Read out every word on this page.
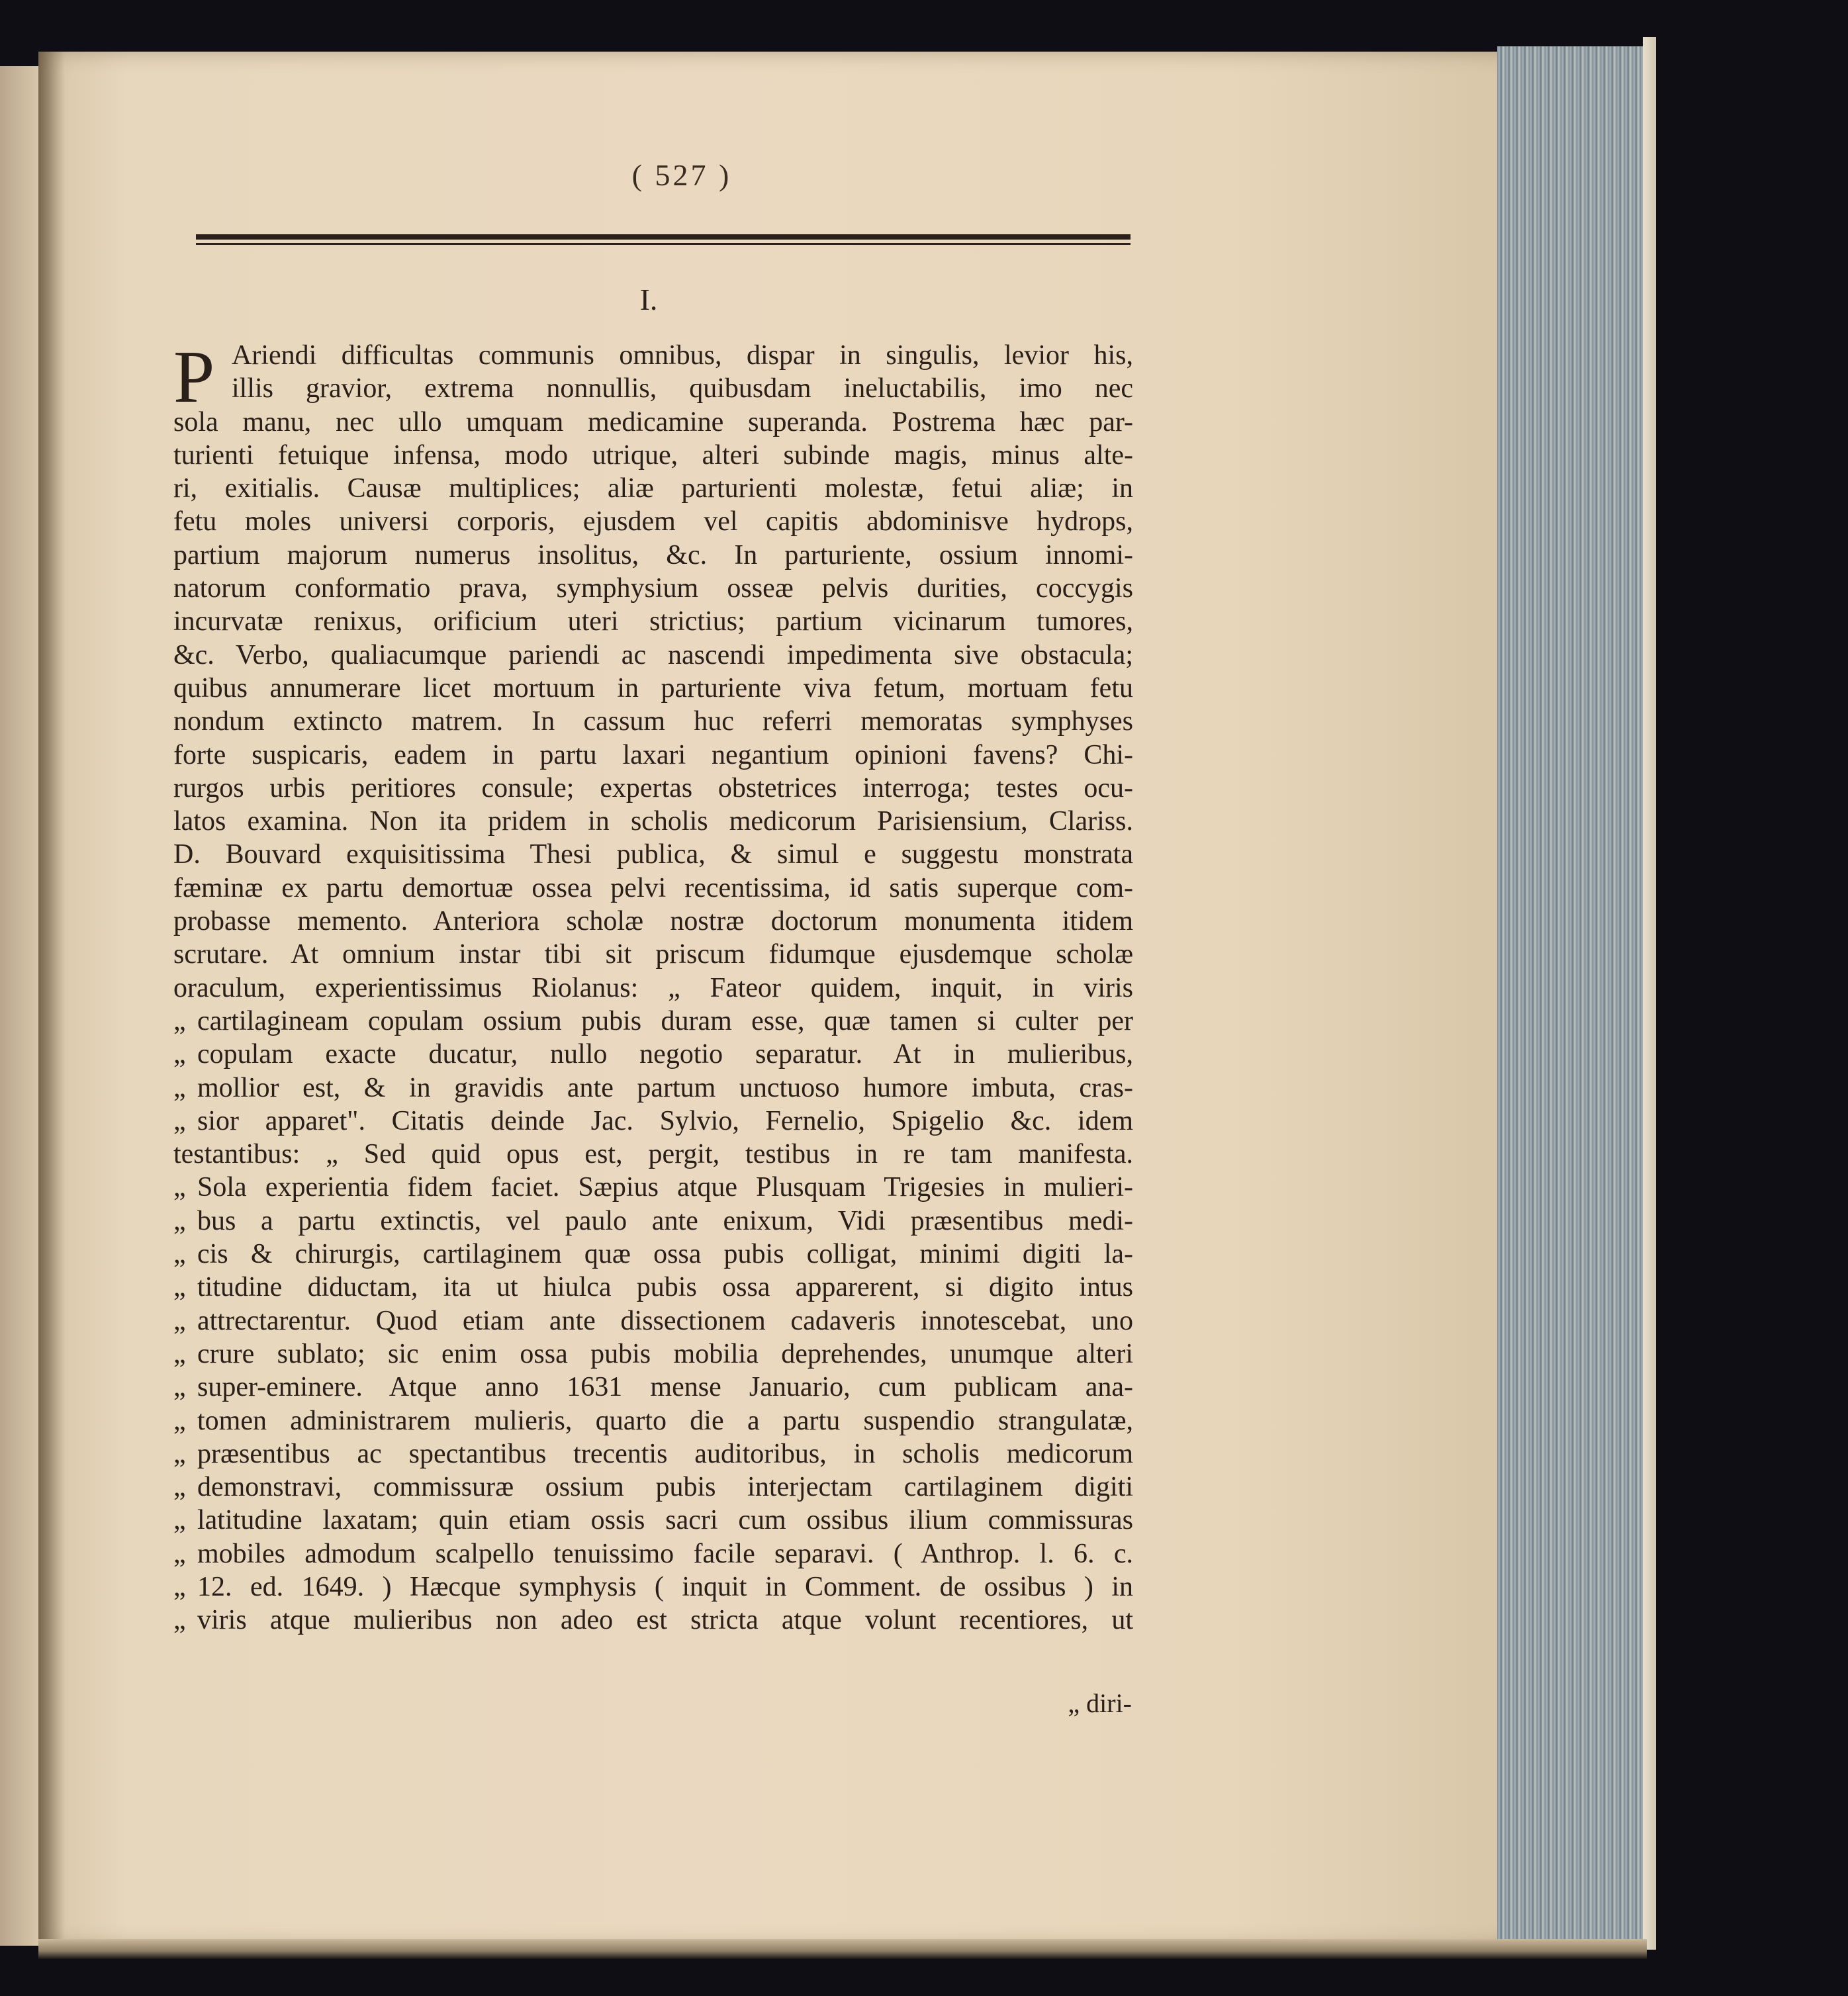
( 527 )
I.
P Ariendi difficultas communis omnibus, dispar in singulis, levior his,
illis gravior, extrema nonnullis, quibusdam ineluctabilis, imo nec
sola manu, nec ullo umquam medicamine superanda. Postrema hæc par-
turienti fetuique infensa, modo utrique, alteri subinde magis, minus alte-
ri, exitialis. Causæ multiplices; aliæ parturienti molestæ, fetui aliæ; in
fetu moles universi corporis, ejusdem vel capitis abdominisve hydrops,
partium majorum numerus insolitus, &c. In parturiente, ossium innomi-
natorum conformatio prava, symphysium osseæ pelvis durities, coccygis
incurvatæ renixus, orificium uteri strictius; partium vicinarum tumores,
&c. Verbo, qualiacumque pariendi ac nascendi impedimenta sive obstacula;
quibus annumerare licet mortuum in parturiente viva fetum, mortuam fetu
nondum extincto matrem. In cassum huc referri memoratas symphyses
forte suspicaris, eadem in partu laxari negantium opinioni favens? Chi-
rurgos urbis peritiores consule; expertas obstetrices interroga; testes ocu-
latos examina. Non ita pridem in scholis medicorum Parisiensium, Clariss.
D. Bouvard exquisitissima Thesi publica, & simul e suggestu monstrata
fæminæ ex partu demortuæ ossea pelvi recentissima, id satis superque com-
probasse memento. Anteriora scholæ nostræ doctorum monumenta itidem
scrutare. At omnium instar tibi sit priscum fidumque ejusdemque scholæ
oraculum, experientissimus Riolanus: „ Fateor quidem, inquit, in viris
„ cartilagineam copulam ossium pubis duram esse, quæ tamen si culter per
„ copulam exacte ducatur, nullo negotio separatur. At in mulieribus,
„ mollior est, & in gravidis ante partum unctuoso humore imbuta, cras-
„ sior apparet". Citatis deinde Jac. Sylvio, Fernelio, Spigelio &c. idem
testantibus: „ Sed quid opus est, pergit, testibus in re tam manifesta.
„ Sola experientia fidem faciet. Sæpius atque Plusquam Trigesies in mulieri-
„ bus a partu extinctis, vel paulo ante enixum, Vidi præsentibus medi-
„ cis & chirurgis, cartilaginem quæ ossa pubis colligat, minimi digiti la-
„ titudine diductam, ita ut hiulca pubis ossa apparerent, si digito intus
„ attrectarentur. Quod etiam ante dissectionem cadaveris innotescebat, uno
„ crure sublato; sic enim ossa pubis mobilia deprehendes, unumque alteri
„ super-eminere. Atque anno 1631 mense Januario, cum publicam ana-
„ tomen administrarem mulieris, quarto die a partu suspendio strangulatæ,
„ præsentibus ac spectantibus trecentis auditoribus, in scholis medicorum
„ demonstravi, commissuræ ossium pubis interjectam cartilaginem digiti
„ latitudine laxatam; quin etiam ossis sacri cum ossibus ilium commissuras
„ mobiles admodum scalpello tenuissimo facile separavi. ( Anthrop. l. 6. c.
„ 12. ed. 1649. ) Hæcque symphysis ( inquit in Comment. de ossibus ) in
„ viris atque mulieribus non adeo est stricta atque volunt recentiores, ut
„ diri-
